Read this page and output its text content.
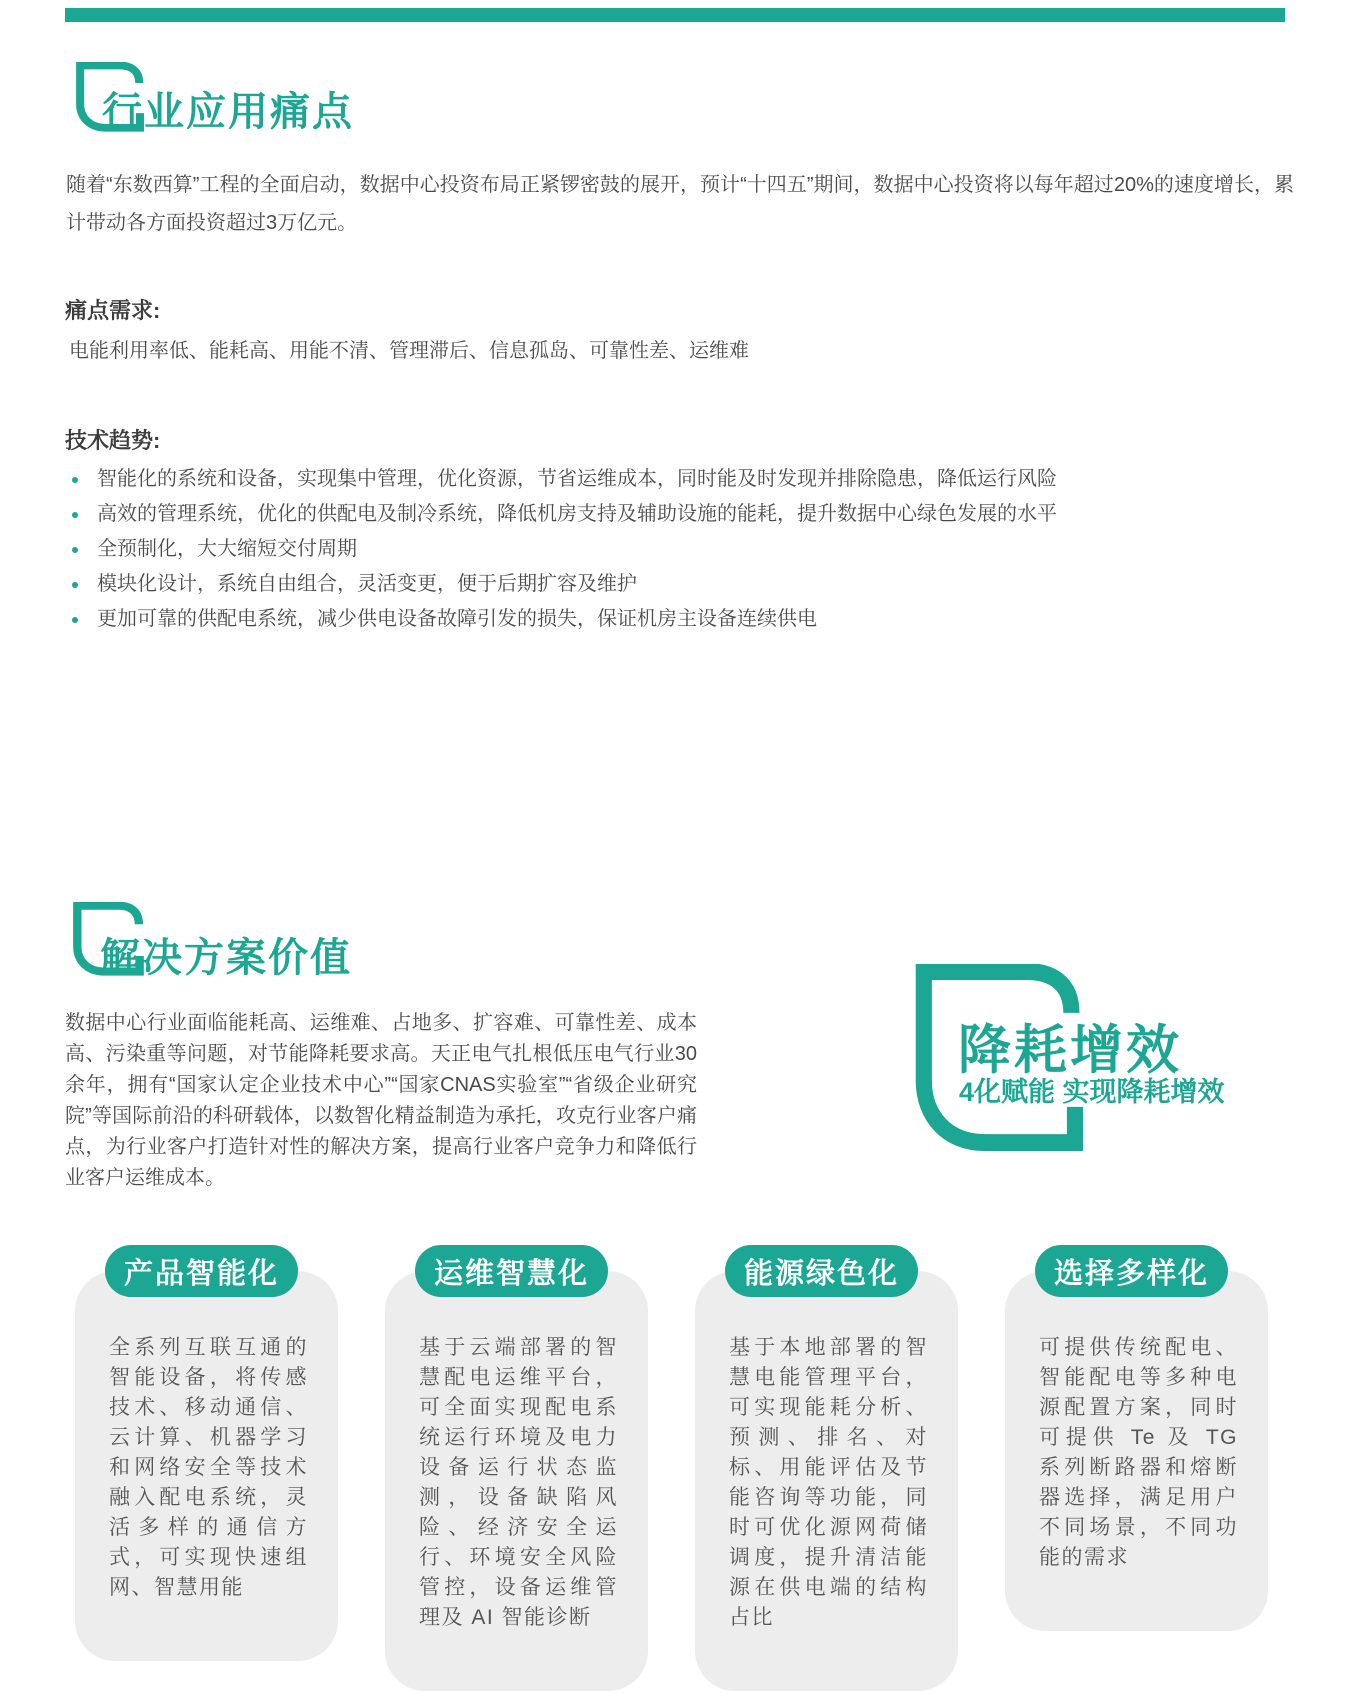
行业应用痛点
随着“东数西算”工程的全面启动，数据中心投资布局正紧锣密鼓的展开，预计“十四五”期间，数据中心投资将以每年超过20%的速度增长，累计带动各方面投资超过3万亿元。
痛点需求:
电能利用率低、能耗高、用能不清、管理滞后、信息孤岛、可靠性差、运维难
技术趋势:
智能化的系统和设备，实现集中管理，优化资源，节省运维成本，同时能及时发现并排除隐患，降低运行风险
高效的管理系统，优化的供配电及制冷系统，降低机房支持及辅助设施的能耗，提升数据中心绿色发展的水平
全预制化，大大缩短交付周期
模块化设计，系统自由组合，灵活变更，便于后期扩容及维护
更加可靠的供配电系统，减少供电设备故障引发的损失，保证机房主设备连续供电
解决方案价值
数据中心行业面临能耗高、运维难、占地多、扩容难、可靠性差、成本高、污染重等问题，对节能降耗要求高。天正电气扎根低压电气行业30余年，拥有“国家认定企业技术中心”“国家CNAS实验室”“省级企业研究院”等国际前沿的科研载体，以数智化精益制造为承托，攻克行业客户痛点，为行业客户打造针对性的解决方案，提高行业客户竞争力和降低行业客户运维成本。
降耗增效
4化赋能 实现降耗增效

全系列互联互通的智能设备，将传感技术、移动通信、云计算、机器学习和网络安全等技术融入配电系统，灵活多样的通信方式，可实现快速组网、智慧用能

产品智能化

基于云端部署的智慧配电运维平台，可全面实现配电系统运行环境及电力设备运行状态监测，设备缺陷风险、经济安全运行、环境安全风险管控，设备运维管理及 AI 智能诊断

运维智慧化

基于本地部署的智慧电能管理平台，可实现能耗分析、预测、排名、对标、用能评估及节能咨询等功能，同时可优化源网荷储调度，提升清洁能源在供电端的结构占比

能源绿色化

可提供传统配电、智能配电等多种电源配置方案，同时可提供 Te 及 TG 系列断路器和熔断器选择，满足用户不同场景，不同功能的需求

选择多样化
